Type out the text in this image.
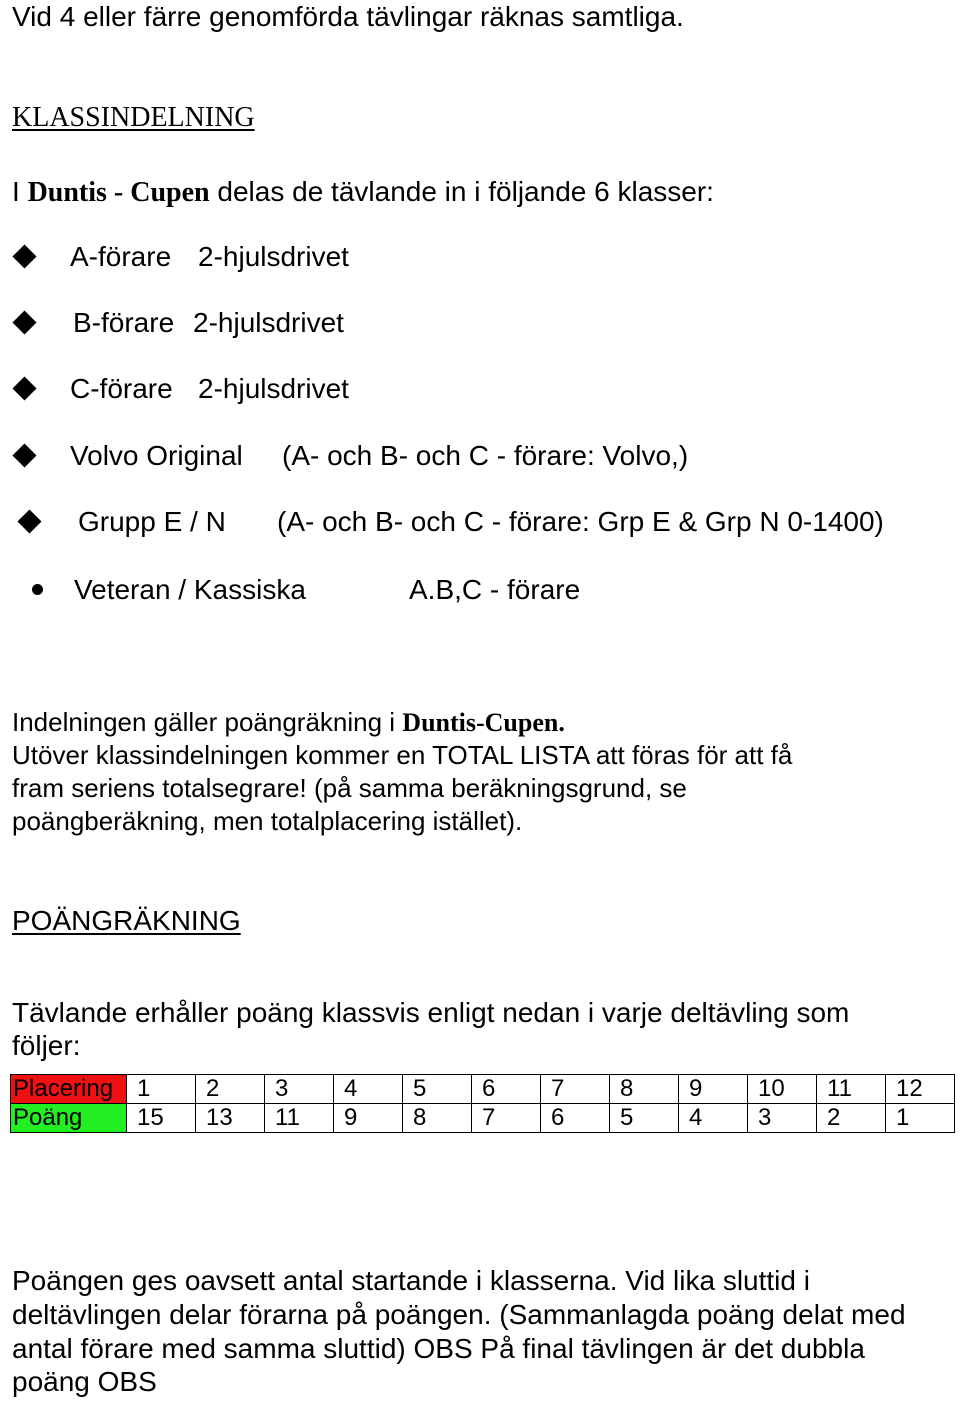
Vid 4 eller färre genomförda tävlingar räknas samtliga.
KLASSINDELNING
I Duntis - Cupen delas de tävlande in i följande 6 klasser:
A-förare 2-hjulsdrivet
B-förare 2-hjulsdrivet
C-förare 2-hjulsdrivet
Volvo Original (A- och B- och C - förare: Volvo,)
Grupp E / N (A- och B- och C - förare: Grp E & Grp N 0-1400)
Veteran / Kassiska	A.B,C - förare
Indelningen gäller poängräkning i Duntis-Cupen.
Utöver klassindelningen kommer en TOTAL LISTA att föras för att få
fram seriens totalsegrare! (på samma beräkningsgrund, se
poängberäkning, men totalplacering istället).
POÄNGRÄKNING
Tävlande erhåller poäng klassvis enligt nedan i varje deltävling som
följer:
Placering	1	2	3	4	5	6	7	8	9	10	11	12
Poäng	15	13	11	9	8	7	6	5	4	3	2	1
Poängen ges oavsett antal startande i klasserna. Vid lika sluttid i
deltävlingen delar förarna på poängen. (Sammanlagda poäng delat med
antal förare med samma sluttid) OBS På final tävlingen är det dubbla
poäng OBS
